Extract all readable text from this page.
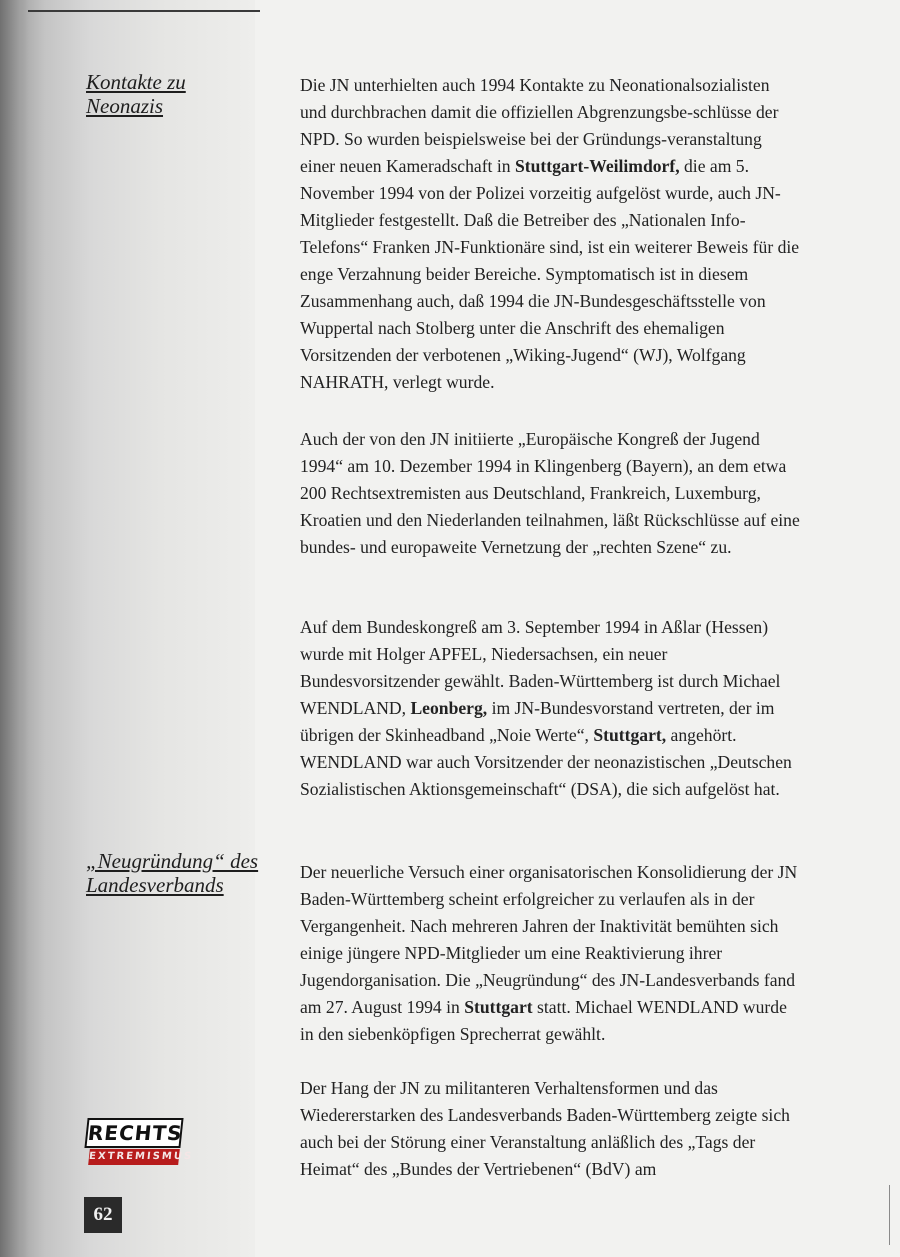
Kontakte zu
Neonazis
„Neugründung“ des
Landesverbands

Die JN unterhielten auch 1994 Kontakte zu Neonationalsozialisten und durchbrachen damit die offiziellen Abgrenzungsbe-schlüsse der NPD. So wurden beispielsweise bei der Gründungs-veranstaltung einer neuen Kameradschaft in Stuttgart-Weilimdorf, die am 5. November 1994 von der Polizei vorzeitig aufgelöst wurde, auch JN-Mitglieder festgestellt. Daß die Betreiber des „Nationalen Info-Telefons“ Franken JN-Funktionäre sind, ist ein weiterer Beweis für die enge Verzahnung beider Bereiche. Symptomatisch ist in diesem Zusammenhang auch, daß 1994 die JN-Bundesgeschäftsstelle von Wuppertal nach Stolberg unter die Anschrift des ehemaligen Vorsitzenden der verbotenen „Wiking-Jugend“ (WJ), Wolfgang NAHRATH, verlegt wurde.

Auch der von den JN initiierte „Europäische Kongreß der Jugend 1994“ am 10. Dezember 1994 in Klingenberg (Bayern), an dem etwa 200 Rechtsextremisten aus Deutschland, Frankreich, Luxemburg, Kroatien und den Niederlanden teilnahmen, läßt Rückschlüsse auf eine bundes- und europaweite Vernetzung der „rechten Szene“ zu.

Auf dem Bundeskongreß am 3. September 1994 in Aßlar (Hessen) wurde mit Holger APFEL, Niedersachsen, ein neuer Bundesvorsitzender gewählt. Baden-Württemberg ist durch Michael WENDLAND, Leonberg, im JN-Bundesvorstand vertreten, der im übrigen der Skinheadband „Noie Werte“, Stuttgart, angehört. WENDLAND war auch Vorsitzender der neonazistischen „Deutschen Sozialistischen Aktionsgemeinschaft“ (DSA), die sich aufgelöst hat.

Der neuerliche Versuch einer organisatorischen Konsolidierung der JN Baden-Württemberg scheint erfolgreicher zu verlaufen als in der Vergangenheit. Nach mehreren Jahren der Inaktivität bemühten sich einige jüngere NPD-Mitglieder um eine Reaktivierung ihrer Jugendorganisation. Die „Neugründung“ des JN-Landesverbands fand am 27. August 1994 in Stuttgart statt. Michael WENDLAND wurde in den siebenköpfigen Sprecherrat gewählt.

Der Hang der JN zu militanteren Verhaltensformen und das Wiedererstarken des Landesverbands Baden-Württemberg zeigte sich auch bei der Störung einer Veranstaltung anläßlich des „Tags der Heimat“ des „Bundes der Vertriebenen“ (BdV) am

RECHTS
EXTREMISMUS
62
